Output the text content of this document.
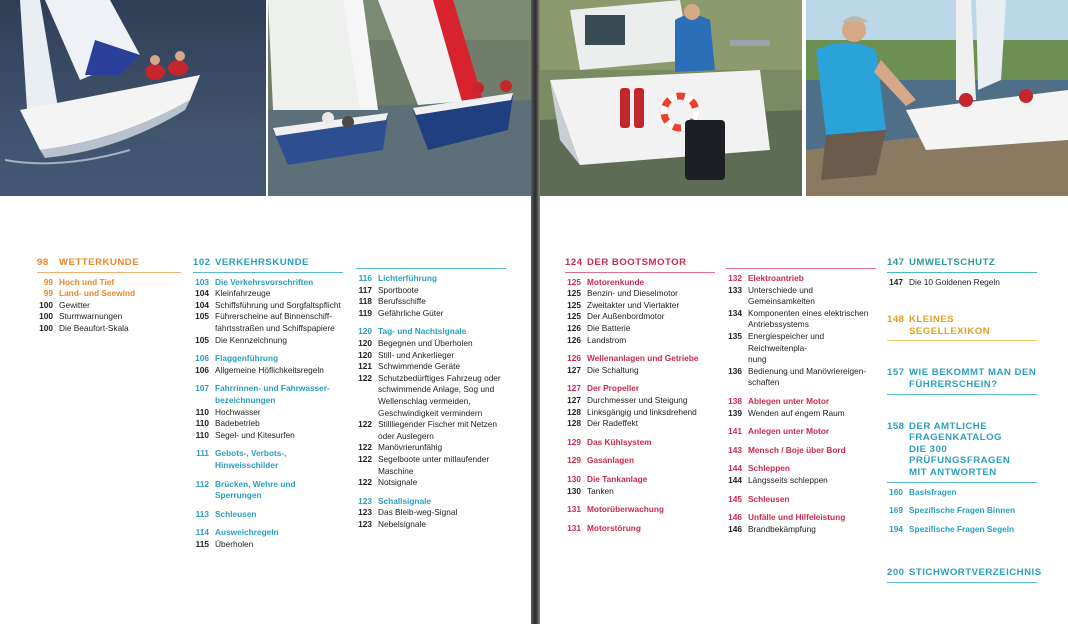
98	WETTERKUNDE
99 Hoch und Tief
99 Land- und Seewind
100 Gewitter
100 Sturmwarnungen
100 Die Beaufort-Skala
102 VERKEHRSKUNDE
103 Die Verkehrsvorschriften
104 Kleinfahrzeuge
104 Schiffsführung und Sorgfaltspflicht
105 Führerscheine auf Binnenschiff-
fahrtsstraßen und Schiffspapiere
105 Die Kennzeichnung
106 Flaggenführung
106 Allgemeine Höflichkeitsregeln
107 Fahrrinnen- und Fahrwasser-
bezeichnungen
110 Hochwasser
110 Badebetrieb
110 Segel- und Kitesurfen
111 Gebots-, Verbots-, Hinweisschilder
112 Brücken, Wehre und Sperrungen
113 Schleusen
114 Ausweichregeln
115 Überholen
116 Lichterführung
117 Sportboote
118 Berufsschiffe
119 Gefährliche Güter
120 Tag- und Nachtsignale
120 Begegnen und Überholen
120 Still- und Ankerlieger
121 Schwimmende Geräte
122 Schutzbedürftiges Fahrzeug oder
schwimmende Anlage, Sog und
Wellenschlag vermeiden,
Geschwindigkeit vermindern
122 Stillliegender Fischer mit Netzen
oder Auslegern
122 Manövrierunfähig
122 Segelboote unter mitlaufender
Maschine
122 Notsignale
123 Schallsignale
123 Das Bleib-weg-Signal
123 Nebelsignale
124 DER BOOTSMOTOR
125 Motorenkunde
125 Benzin- und Dieselmotor
125 Zweitakter und Viertakter
125 Der Außenbordmotor
126 Die Batterie
126 Landstrom
126 Wellenanlagen und Getriebe
127 Die Schaltung
127 Der Propeller
127 Durchmesser und Steigung
128 Linksgängig und linksdrehend
128 Der Radeffekt
129 Das Kühlsystem
129 Gasanlagen
130 Die Tankanlage
130 Tanken
131 Motorüberwachung
131 Motorstörung
132 Elektroantrieb
133 Unterschiede und Gemeinsamkeiten
134 Komponenten eines elektrischen
Antriebssystems
135 Energiespeicher und Reichweitenpla-
nung
136 Bedienung und Manövriereigen-
schaften
138 Ablegen unter Motor
139 Wenden auf engem Raum
141 Anlegen unter Motor
143 Mensch / Boje über Bord
144 Schleppen
144 Längsseits schleppen
145 Schleusen
146 Unfälle und Hilfeleistung
146 Brandbekämpfung
147 UMWELTSCHUTZ
147 Die 10 Goldenen Regeln
148 KLEINES SEGELLEXIKON
157 WIE BEKOMMT MAN DEN
FÜHRERSCHEIN?
158 DER AMTLICHE FRAGENKATALOG
DIE 300 PRÜFUNGSFRAGEN
MIT ANTWORTEN
160 Basisfragen
169 Spezifische Fragen Binnen
194 Spezifische Fragen Segeln
200 STICHWORTVERZEICHNIS
